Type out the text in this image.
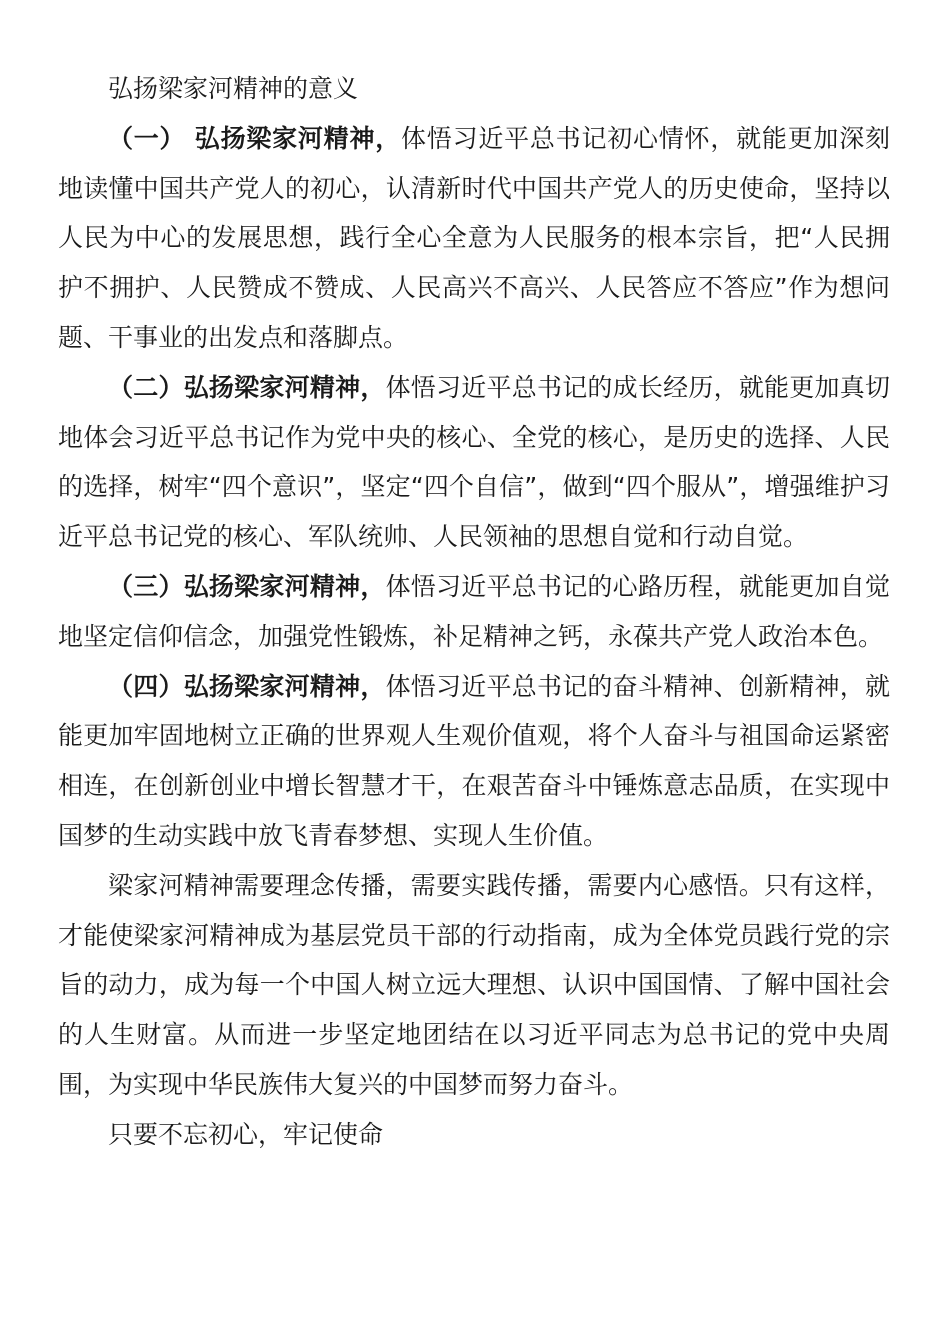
弘扬梁家河精神的意义

（一） 弘扬梁家河精神，体悟习近平总书记初心情怀，就能更加深刻地读懂中国共产党人的初心，认清新时代中国共产党人的历史使命，坚持以人民为中心的发展思想，践行全心全意为人民服务的根本宗旨，把“人民拥护不拥护、人民赞成不赞成、人民高兴不高兴、人民答应不答应”作为想问题、干事业的出发点和落脚点。

（二）弘扬梁家河精神，体悟习近平总书记的成长经历，就能更加真切地体会习近平总书记作为党中央的核心、全党的核心，是历史的选择、人民的选择，树牢“四个意识”，坚定“四个自信”，做到“四个服从”，增强维护习近平总书记党的核心、军队统帅、人民领袖的思想自觉和行动自觉。

（三）弘扬梁家河精神，体悟习近平总书记的心路历程，就能更加自觉地坚定信仰信念，加强党性锻炼，补足精神之钙，永葆共产党人政治本色。

（四）弘扬梁家河精神，体悟习近平总书记的奋斗精神、创新精神，就能更加牢固地树立正确的世界观人生观价值观，将个人奋斗与祖国命运紧密相连，在创新创业中增长智慧才干，在艰苦奋斗中锤炼意志品质，在实现中国梦的生动实践中放飞青春梦想、实现人生价值。

梁家河精神需要理念传播，需要实践传播，需要内心感悟。只有这样，才能使梁家河精神成为基层党员干部的行动指南，成为全体党员践行党的宗旨的动力，成为每一个中国人树立远大理想、认识中国国情、了解中国社会的人生财富。从而进一步坚定地团结在以习近平同志为总书记的党中央周围，为实现中华民族伟大复兴的中国梦而努力奋斗。

只要不忘初心，牢记使命
